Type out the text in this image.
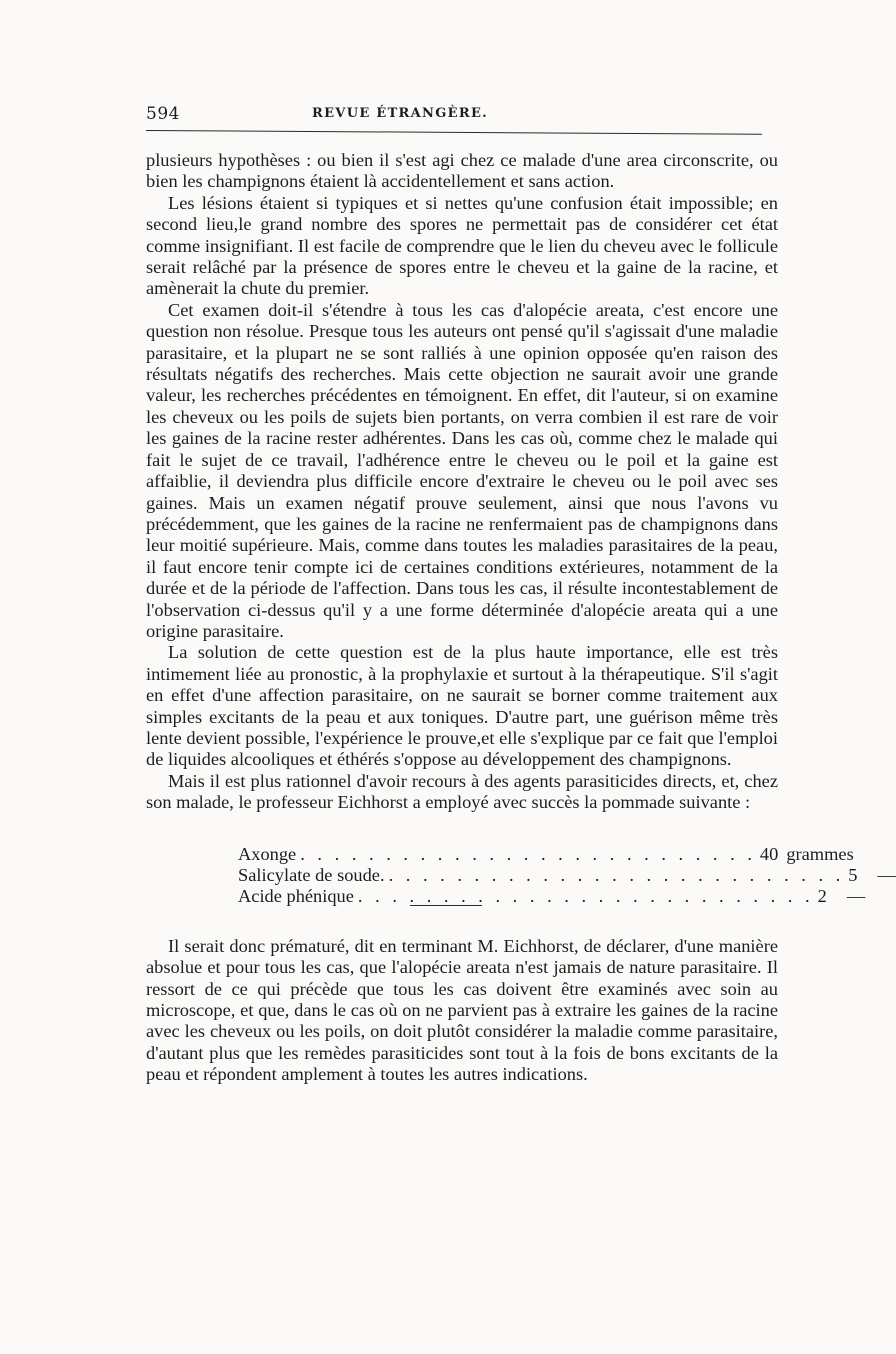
594	REVUE ÉTRANGÈRE.

plusieurs hypothèses : ou bien il s'est agi chez ce malade d'une area circonscrite, ou bien les champignons étaient là accidentellement et sans action.

Les lésions étaient si typiques et si nettes qu'une confusion était impossible; en second lieu,le grand nombre des spores ne permettait pas de considérer cet état comme insignifiant. Il est facile de comprendre que le lien du cheveu avec le follicule serait relâché par la présence de spores entre le cheveu et la gaine de la racine, et amènerait la chute du premier.

Cet examen doit-il s'étendre à tous les cas d'alopécie areata, c'est encore une question non résolue. Presque tous les auteurs ont pensé qu'il s'agissait d'une maladie parasitaire, et la plupart ne se sont ralliés à une opinion opposée qu'en raison des résultats négatifs des recherches. Mais cette objection ne saurait avoir une grande valeur, les recherches précédentes en témoignent. En effet, dit l'auteur, si on examine les cheveux ou les poils de sujets bien portants, on verra combien il est rare de voir les gaines de la racine rester adhérentes. Dans les cas où, comme chez le malade qui fait le sujet de ce travail, l'adhérence entre le cheveu ou le poil et la gaine est affaiblie, il deviendra plus difficile encore d'extraire le cheveu ou le poil avec ses gaines. Mais un examen négatif prouve seulement, ainsi que nous l'avons vu précédemment, que les gaines de la racine ne renfermaient pas de champignons dans leur moitié supérieure. Mais, comme dans toutes les maladies parasitaires de la peau, il faut encore tenir compte ici de certaines conditions extérieures, notamment de la durée et de la période de l'affection. Dans tous les cas, il résulte incontestablement de l'observation ci-dessus qu'il y a une forme déterminée d'alopécie areata qui a une origine parasitaire.

La solution de cette question est de la plus haute importance, elle est très intimement liée au pronostic, à la prophylaxie et surtout à la thérapeutique. S'il s'agit en effet d'une affection parasitaire, on ne saurait se borner comme traitement aux simples excitants de la peau et aux toniques. D'autre part, une guérison même très lente devient possible, l'expérience le prouve,et elle s'explique par ce fait que l'emploi de liquides alcooliques et éthérés s'oppose au développement des champignons.

Mais il est plus rationnel d'avoir recours à des agents parasiticides directs, et, chez son malade, le professeur Eichhorst a employé avec succès la pommade suivante :

Axonge . . . . . . . . . . . . . . . . . . . . . . . . . . . 40 grammes
Salicylate de soude. . . . . . . . . . . . . . . . . . . . . . . . . . . . 5	—
Acide phénique . . . . . . . . . . . . . . . . . . . . . . . . . . . 2	—

Il serait donc prématuré, dit en terminant M. Eichhorst, de déclarer, d'une manière absolue et pour tous les cas, que l'alopécie areata n'est jamais de nature parasitaire. Il ressort de ce qui précède que tous les cas doivent être examinés avec soin au microscope, et que, dans le cas où on ne parvient pas à extraire les gaines de la racine avec les cheveux ou les poils, on doit plutôt considérer la maladie comme parasitaire, d'autant plus que les remèdes parasiticides sont tout à la fois de bons excitants de la peau et répondent amplement à toutes les autres indications.
